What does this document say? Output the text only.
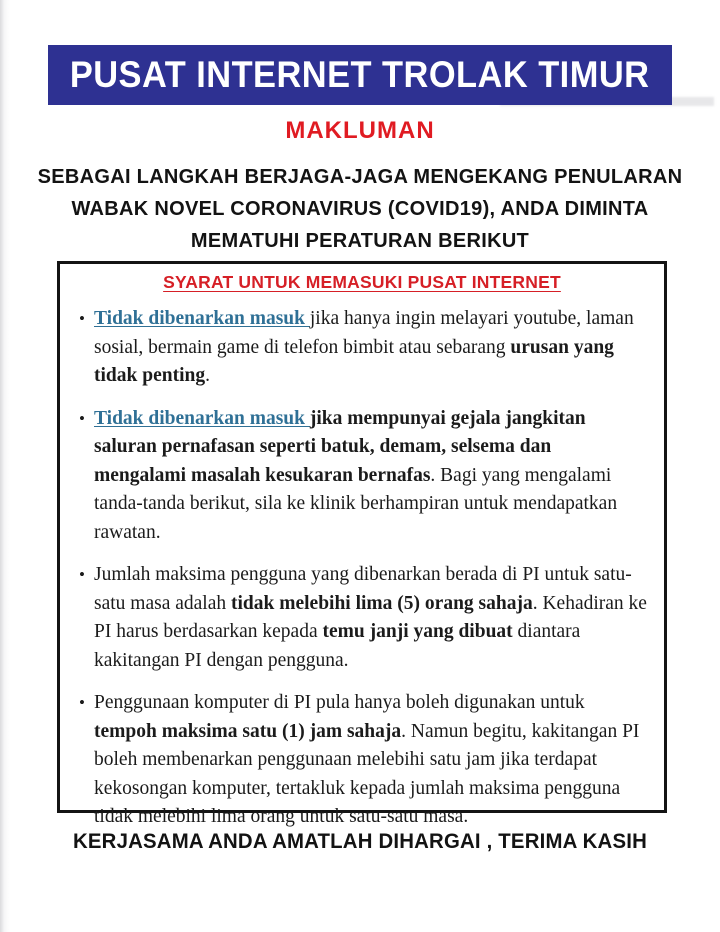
PUSAT INTERNET TROLAK TIMUR
MAKLUMAN
SEBAGAI LANGKAH BERJAGA-JAGA MENGEKANG PENULARAN
WABAK NOVEL CORONAVIRUS (COVID19), ANDA DIMINTA
MEMATUHI PERATURAN BERIKUT
SYARAT UNTUK MEMASUKI PUSAT INTERNET
•
Tidak dibenarkan masuk jika hanya ingin melayari youtube, laman sosial, bermain game di telefon bimbit atau sebarang urusan yang tidak penting.
•
Tidak dibenarkan masuk jika mempunyai gejala jangkitan saluran pernafasan seperti batuk, demam, selsema dan mengalami masalah kesukaran bernafas. Bagi yang mengalami tanda-tanda berikut, sila ke klinik berhampiran untuk mendapatkan rawatan.
•
Jumlah maksima pengguna yang dibenarkan berada di PI untuk satu-satu masa adalah tidak melebihi lima (5) orang sahaja. Kehadiran ke PI harus berdasarkan kepada temu janji yang dibuat diantara kakitangan PI dengan pengguna.
•
Penggunaan komputer di PI pula hanya boleh digunakan untuk tempoh maksima satu (1) jam sahaja. Namun begitu, kakitangan PI boleh membenarkan penggunaan melebihi satu jam jika terdapat kekosongan komputer, tertakluk kepada jumlah maksima pengguna tidak melebihi lima orang untuk satu-satu masa.
KERJASAMA ANDA AMATLAH DIHARGAI , TERIMA KASIH
